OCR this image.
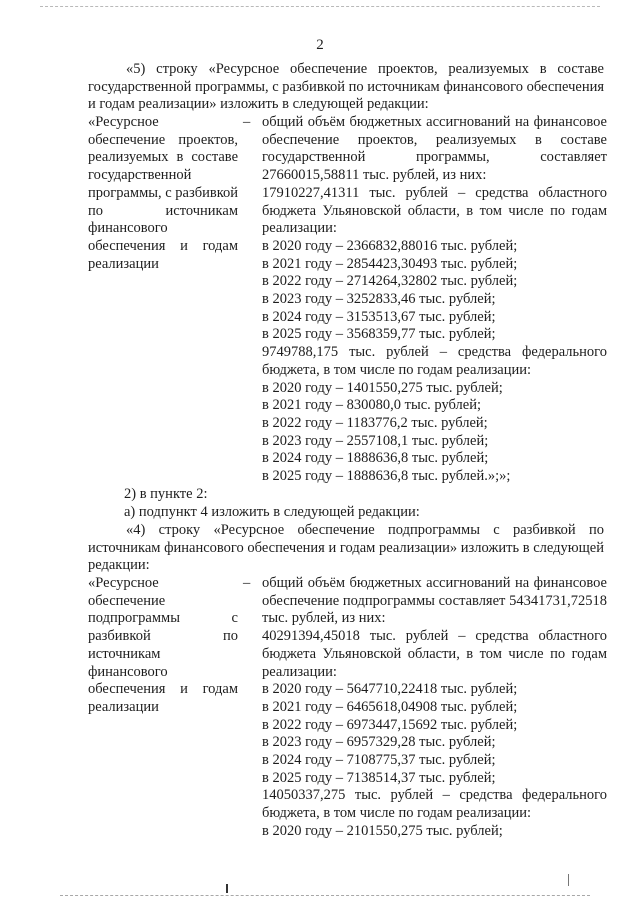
2
«5) строку «Ресурсное обеспечение проектов, реализуемых в составе государственной программы, с разбивкой по источникам финансового обеспечения и годам реализации» изложить в следующей редакции:
«Ресурсное обеспечение проектов, реализуемых в составе государственной программы, с разбивкой по источникам финансового обеспечения и годам реализации
– общий объём бюджетных ассигнований на финансовое обеспечение проектов, реализуемых в составе государственной программы, составляет 27660015,58811 тыс. рублей, из них:
17910227,41311 тыс. рублей – средства областного бюджета Ульяновской области, в том числе по годам реализации:
в 2020 году – 2366832,88016 тыс. рублей;
в 2021 году – 2854423,30493 тыс. рублей;
в 2022 году – 2714264,32802 тыс. рублей;
в 2023 году – 3252833,46 тыс. рублей;
в 2024 году – 3153513,67 тыс. рублей;
в 2025 году – 3568359,77 тыс. рублей;
9749788,175 тыс. рублей – средства федерального бюджета, в том числе по годам реализации:
в 2020 году – 1401550,275 тыс. рублей;
в 2021 году – 830080,0 тыс. рублей;
в 2022 году – 1183776,2 тыс. рублей;
в 2023 году – 2557108,1 тыс. рублей;
в 2024 году – 1888636,8 тыс. рублей;
в 2025 году – 1888636,8 тыс. рублей.»;»;
2) в пункте 2:
а) подпункт 4 изложить в следующей редакции:
«4) строку «Ресурсное обеспечение подпрограммы с разбивкой по источникам финансового обеспечения и годам реализации» изложить в следующей редакции:
«Ресурсное обеспечение подпрограммы с разбивкой по источникам финансового обеспечения и годам реализации
– общий объём бюджетных ассигнований на финансовое обеспечение подпрограммы составляет 54341731,72518 тыс. рублей, из них:
40291394,45018 тыс. рублей – средства областного бюджета Ульяновской области, в том числе по годам реализации:
в 2020 году – 5647710,22418 тыс. рублей;
в 2021 году – 6465618,04908 тыс. рублей;
в 2022 году – 6973447,15692 тыс. рублей;
в 2023 году – 6957329,28 тыс. рублей;
в 2024 году – 7108775,37 тыс. рублей;
в 2025 году – 7138514,37 тыс. рублей;
14050337,275 тыс. рублей – средства федерального бюджета, в том числе по годам реализации:
в 2020 году – 2101550,275 тыс. рублей;
